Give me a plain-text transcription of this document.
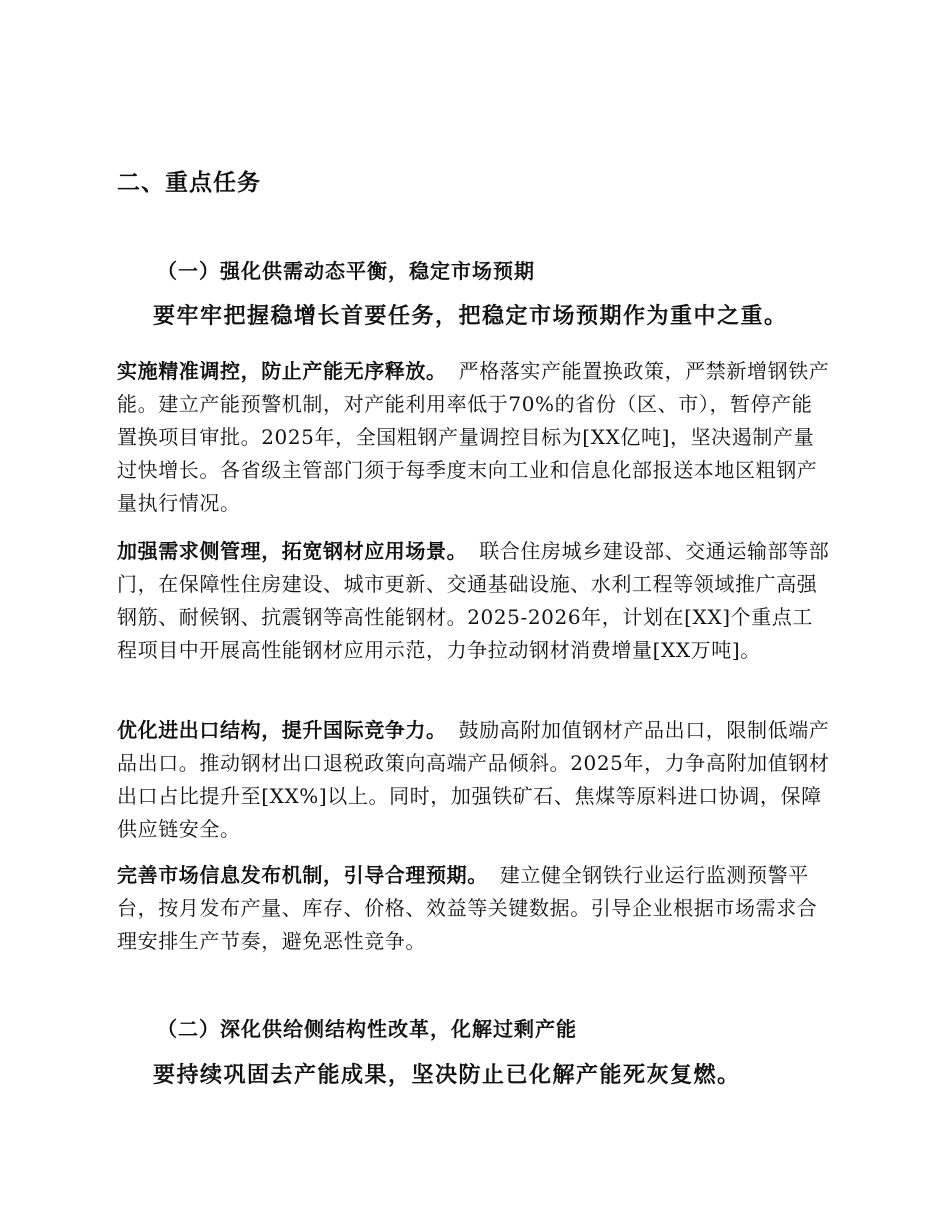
二、重点任务
（一）强化供需动态平衡，稳定市场预期
要牢牢把握稳增长首要任务，把稳定市场预期作为重中之重。
实施精准调控，防止产能无序释放。 严格落实产能置换政策，严禁新增钢铁产能。建立产能预警机制，对产能利用率低于70%的省份（区、市），暂停产能置换项目审批。2025年，全国粗钢产量调控目标为[XX亿吨]，坚决遏制产量过快增长。各省级主管部门须于每季度末向工业和信息化部报送本地区粗钢产量执行情况。
加强需求侧管理，拓宽钢材应用场景。 联合住房城乡建设部、交通运输部等部门，在保障性住房建设、城市更新、交通基础设施、水利工程等领域推广高强钢筋、耐候钢、抗震钢等高性能钢材。2025-2026年，计划在[XX]个重点工程项目中开展高性能钢材应用示范，力争拉动钢材消费增量[XX万吨]。
优化进出口结构，提升国际竞争力。 鼓励高附加值钢材产品出口，限制低端产品出口。推动钢材出口退税政策向高端产品倾斜。2025年，力争高附加值钢材出口占比提升至[XX%]以上。同时，加强铁矿石、焦煤等原料进口协调，保障供应链安全。
完善市场信息发布机制，引导合理预期。 建立健全钢铁行业运行监测预警平台，按月发布产量、库存、价格、效益等关键数据。引导企业根据市场需求合理安排生产节奏，避免恶性竞争。
（二）深化供给侧结构性改革，化解过剩产能
要持续巩固去产能成果，坚决防止已化解产能死灰复燃。
